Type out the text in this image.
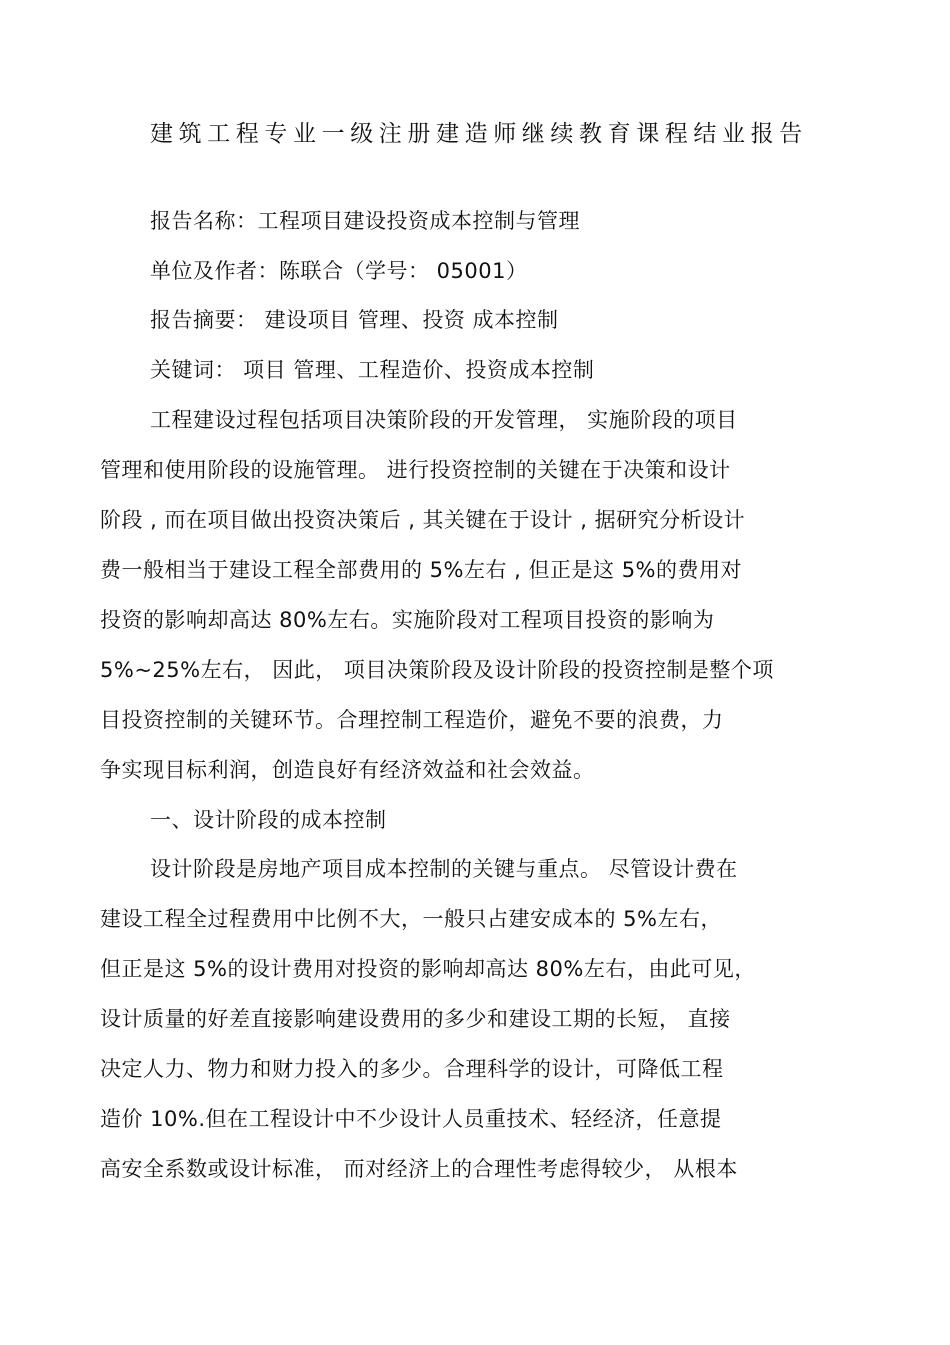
建筑工程专业一级注册建造师继续教育课程结业报告
报告名称：工程项目建设投资成本控制与管理
单位及作者：陈联合（学号： 05001）
报告摘要： 建设项目 管理、投资 成本控制
关键词： 项目 管理、工程造价、投资成本控制
工程建设过程包括项目决策阶段的开发管理， 实施阶段的项目
管理和使用阶段的设施管理。 进行投资控制的关键在于决策和设计
阶段 , 而在项目做出投资决策后 , 其关键在于设计 , 据研究分析设计
费一般相当于建设工程全部费用的 5%左右 , 但正是这 5%的费用对
投资的影响却高达 80%左右。实施阶段对工程项目投资的影响为
5%~25%左右， 因此， 项目决策阶段及设计阶段的投资控制是整个项
目投资控制的关键环节。合理控制工程造价，避免不要的浪费，力
争实现目标利润，创造良好有经济效益和社会效益。
一、设计阶段的成本控制
设计阶段是房地产项目成本控制的关键与重点。 尽管设计费在
建设工程全过程费用中比例不大，一般只占建安成本的 5%左右，
但正是这 5%的设计费用对投资的影响却高达 80%左右，由此可见，
设计质量的好差直接影响建设费用的多少和建设工期的长短， 直接
决定人力、物力和财力投入的多少。合理科学的设计，可降低工程
造价 10%.但在工程设计中不少设计人员重技术、轻经济，任意提
高安全系数或设计标准， 而对经济上的合理性考虑得较少， 从根本
